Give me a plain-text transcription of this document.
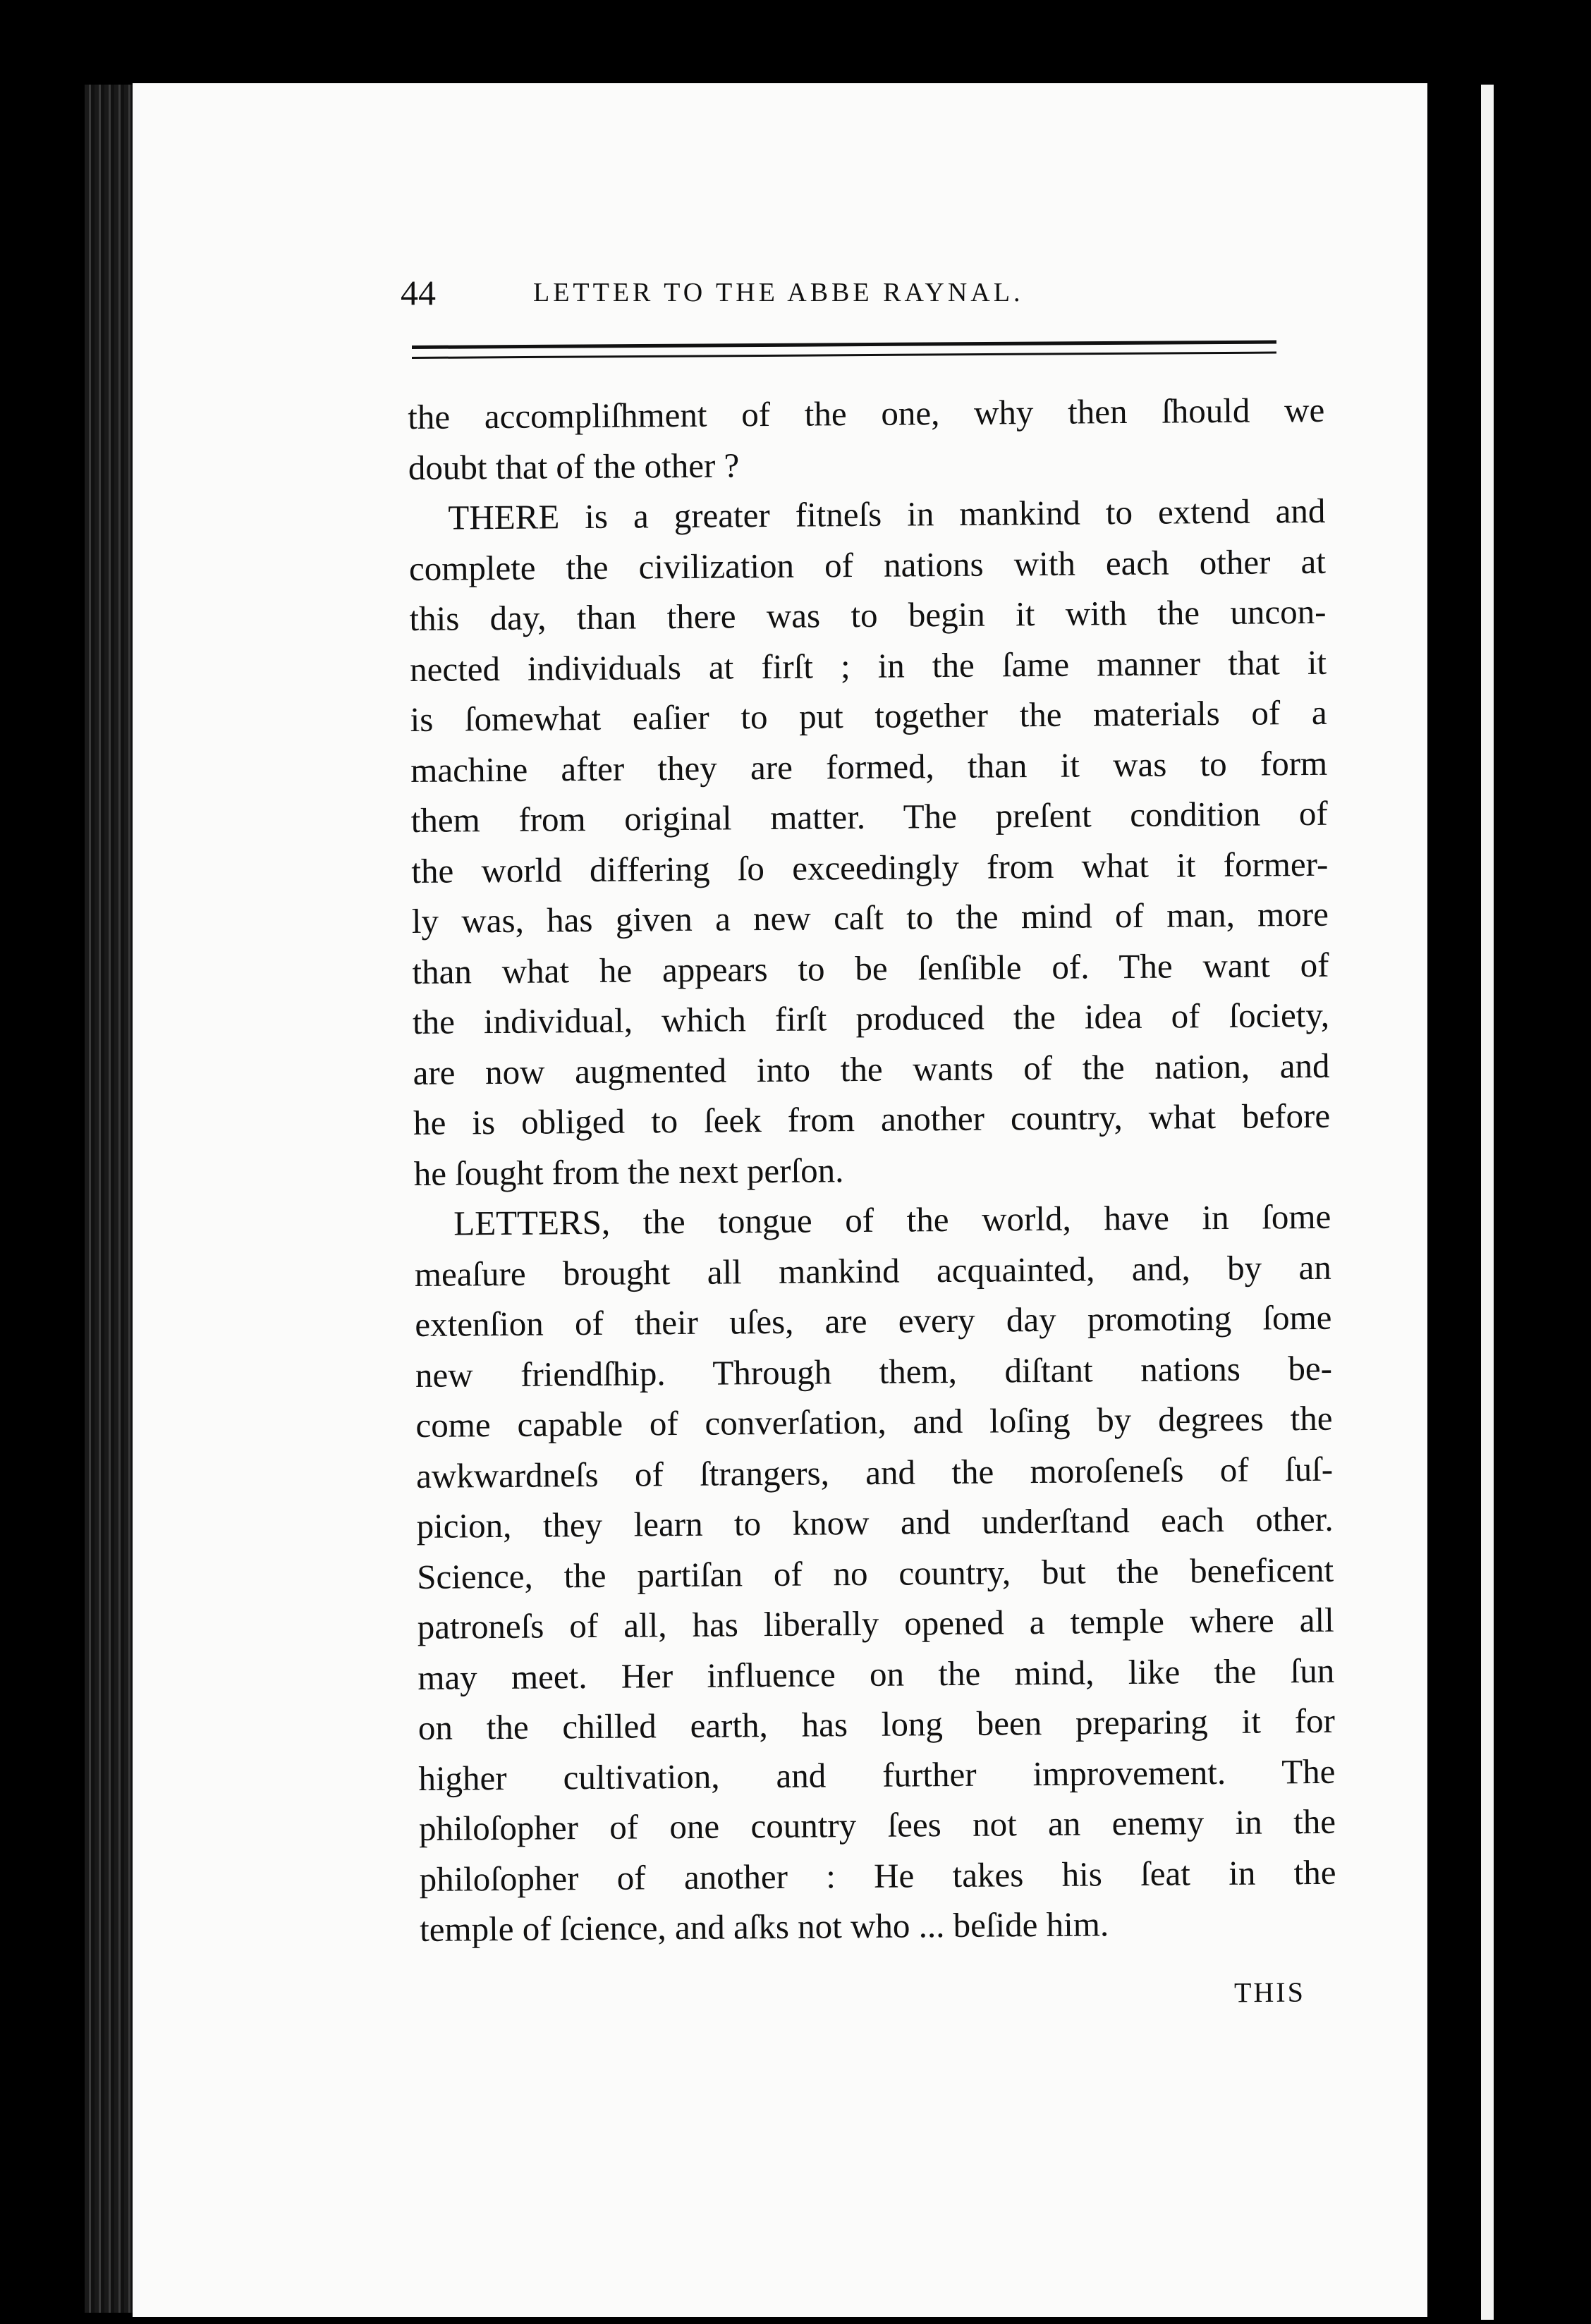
44	LETTER TO THE ABBE RAYNAL.
the accompliſhment of the one, why then ſhould we
doubt that of the other ?
THERE is a greater fitneſs in mankind to extend and
complete the civilization of nations with each other at
this day, than there was to begin it with the uncon-
nected individuals at firſt ; in the ſame manner that it
is ſomewhat eaſier to put together the materials of a
machine after they are formed, than it was to form
them from original matter. The preſent condition of
the world differing ſo exceedingly from what it former-
ly was, has given a new caſt to the mind of man, more
than what he appears to be ſenſible of. The want of
the individual, which firſt produced the idea of ſociety,
are now augmented into the wants of the nation, and
he is obliged to ſeek from another country, what before
he ſought from the next perſon.
LETTERS, the tongue of the world, have in ſome
meaſure brought all mankind acquainted, and, by an
extenſion of their uſes, are every day promoting ſome
new friendſhip. Through them, diſtant nations be-
come capable of converſation, and loſing by degrees the
awkwardneſs of ſtrangers, and the moroſeneſs of ſuſ-
picion, they learn to know and underſtand each other.
Science, the partiſan of no country, but the beneficent
patroneſs of all, has liberally opened a temple where all
may meet. Her influence on the mind, like the ſun
on the chilled earth, has long been preparing it for
higher cultivation, and further improvement. The
philoſopher of one country ſees not an enemy in the
philoſopher of another : He takes his ſeat in the
temple of ſcience, and aſks not who ... beſide him.
THIS
